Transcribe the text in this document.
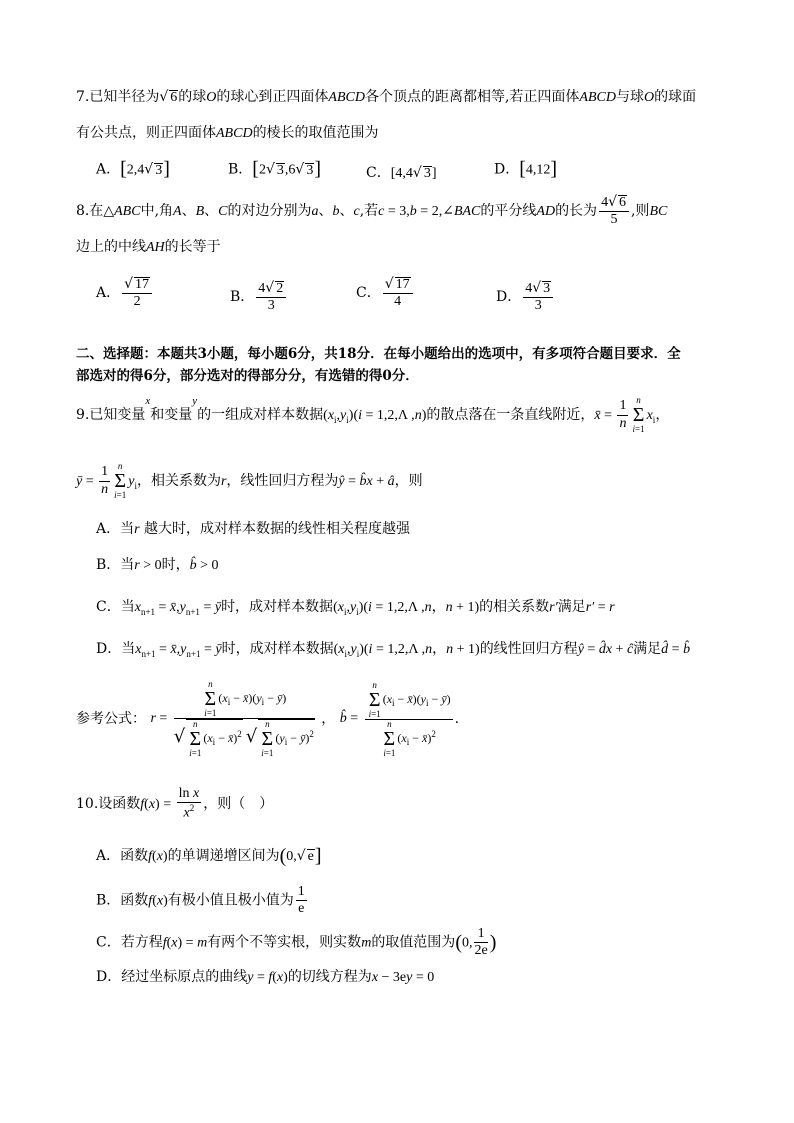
7.已知半径为√ 6的球O的球心到正四面体ABCD各个顶点的距离都相等,若正四面体ABCD与球O的球面
有公共点，则正四面体ABCD的棱长的取值范围为
A．[2,4√ 3]	B．[2√ 3,6√ 3]	C．[4,4√ 3]	D．[4,12]
8.在△ABC中,角A、B、C的对边分别为a、b、c,若c = 3,b = 2,∠BAC的平分线AD的长为 $\frac{4√ 6}{5}$ ,则BC
边上的中线AH的长等于
A． $\frac{√ 17}{2}$	B． $\frac{4√ 2}{3}$	C． $\frac{√ 17}{4}$	D． $\frac{4√ 3}{3}$
二、选择题：本题共3小题，每小题6分，共18分．在每小题给出的选项中，有多项符合题目要求．全
部选对的得6分，部分选对的得部分分，有选错的得0分．
9.已知变量$^x$和变量$^y$的一组成对样本数据$(x_i,y_i)(i = 1,2,\Lambda$ ,n)的散点落在一条直线附近，x̄ = $\frac{1}{n}$ n
Σ
$i=1x_i$，
ȳ = $\frac{1}{n}$ n
Σ
$i=1y_i$，相关系数为r，线性回归方程为ŷ = b̂x + â，则
A．当r 越大时，成对样本数据的线性相关程度越强
B．当r > 0时，b̂ > 0
C．当$x_{n+1}$ = $x̄,y_{n+1}$ = ȳ时，成对样本数据$(x_i,y_i)(i = 1,2,\Lambda$ ,n，n + 1)的相关系数r′满足r′ = r
D．当$x_{n+1}$ = $x̄,y_{n+1}$ = ȳ时，成对样本数据$(x_i,y_i)(i = 1,2,\Lambda$ ,n，n + 1)的线性回归方程ŷ = d̂x + ĉ满足d̂ = b̂
参考公式： r = n
Σ
$i=1(x_i$ − $x̄)(y_i$ − ȳ)
√n
Σ
$i=1(x_i$ − x̄)$^2$ √n
Σ
$i=1(y_i$ − ȳ)$^2$ ， b̂ = n
Σ
$i=1(x_i$ − $x̄)(y_i$ − ȳ)
n
Σ
$i=1(x_i$ − x̄)$^2$ .
10.设函数$f(x) = \frac{\text{ln x}}{x^2}$ ，则（　）
A．函数f(x)的单调递增区间为(0,√ e]
B．函数f(x)有极小值且极小值为 $\frac{1}{e}$
C．若方程f(x) = m有两个不等实根，则实数m的取值范围为(0, $\frac{1}{2e}$ )
D．经过坐标原点的曲线y = f(x)的切线方程为x − 3ey = 0
